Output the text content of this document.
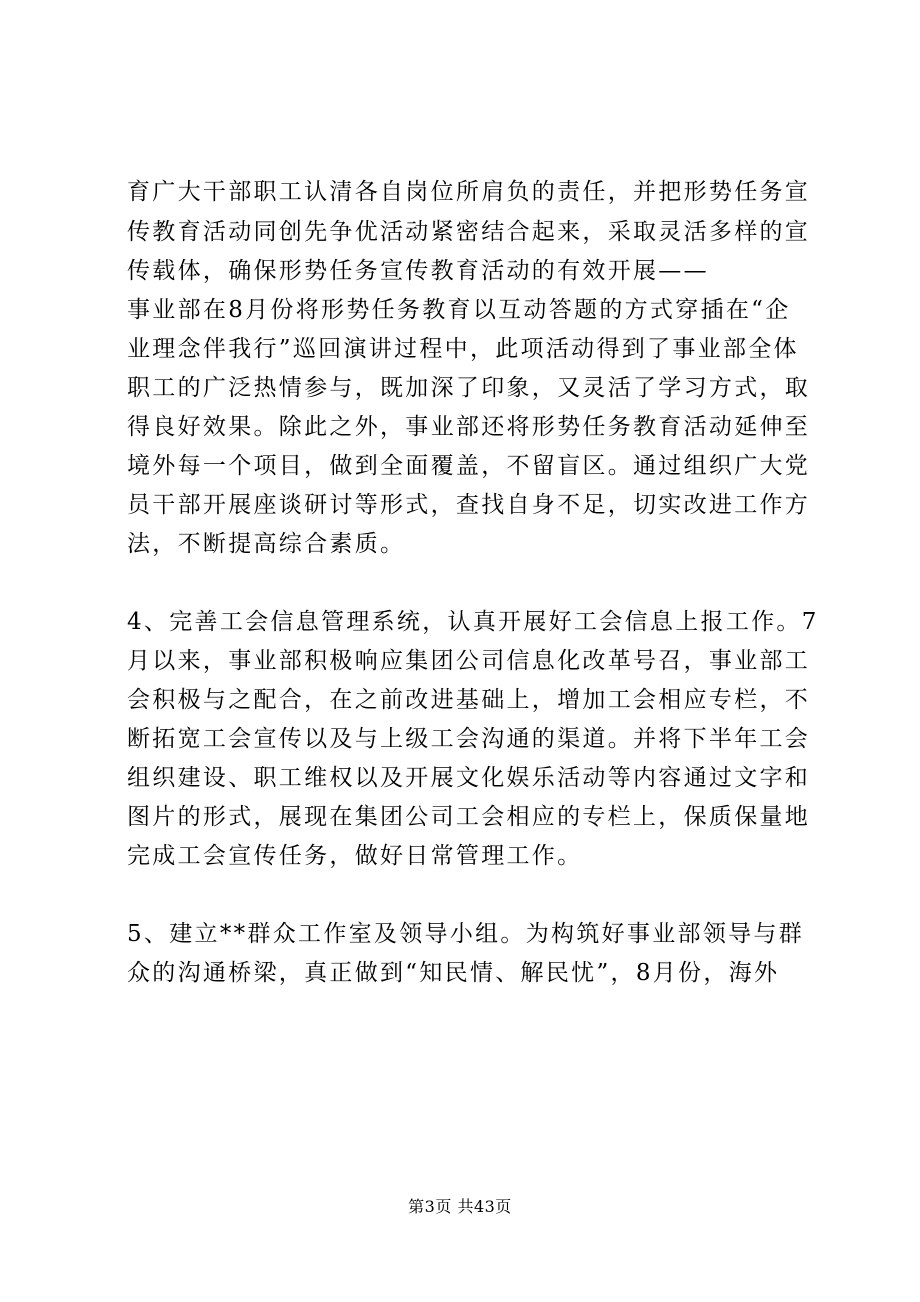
育广大干部职工认清各自岗位所肩负的责任，并把形势任务宣
传教育活动同创先争优活动紧密结合起来，采取灵活多样的宣
传载体，确保形势任务宣传教育活动的有效开展——
事业部在8月份将形势任务教育以互动答题的方式穿插在“企
业理念伴我行”巡回演讲过程中，此项活动得到了事业部全体
职工的广泛热情参与，既加深了印象，又灵活了学习方式，取
得良好效果。除此之外，事业部还将形势任务教育活动延伸至
境外每一个项目，做到全面覆盖，不留盲区。通过组织广大党
员干部开展座谈研讨等形式，查找自身不足，切实改进工作方
法，不断提高综合素质。
4、完善工会信息管理系统，认真开展好工会信息上报工作。7
月以来，事业部积极响应集团公司信息化改革号召，事业部工
会积极与之配合，在之前改进基础上，增加工会相应专栏，不
断拓宽工会宣传以及与上级工会沟通的渠道。并将下半年工会
组织建设、职工维权以及开展文化娱乐活动等内容通过文字和
图片的形式，展现在集团公司工会相应的专栏上，保质保量地
完成工会宣传任务，做好日常管理工作。
5、建立**群众工作室及领导小组。为构筑好事业部领导与群
众的沟通桥梁，真正做到“知民情、解民忧”，8月份，海外
第3页 共43页
